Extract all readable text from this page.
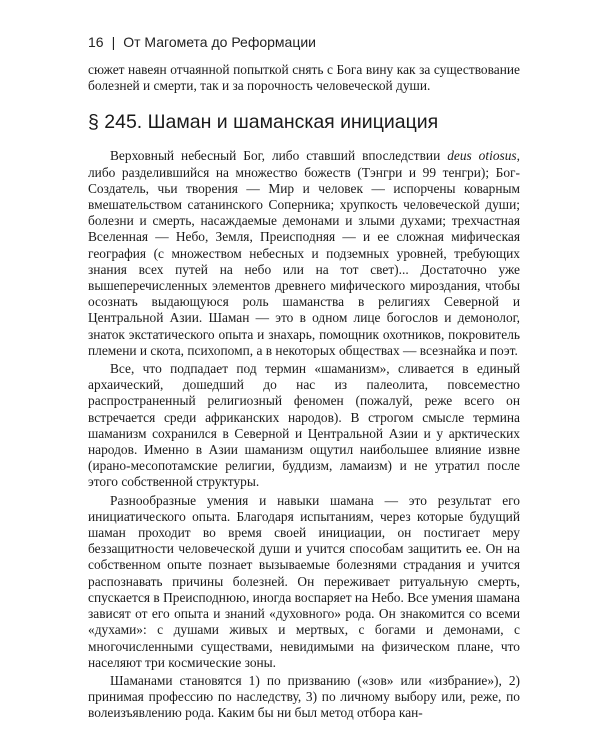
16 | От Магомета до Реформации

сюжет навеян отчаянной попыткой снять с Бога вину как за существование болезней и смерти, так и за порочность человеческой души.

§ 245. Шаман и шаманская инициация

Верховный небесный Бог, либо ставший впоследствии deus otiosus, либо разделившийся на множество божеств (Тэнгри и 99 тенгри); Бог-Создатель, чьи творения — Мир и человек — испорчены коварным вмешательством сатанинского Соперника; хрупкость человеческой души; болезни и смерть, насаждаемые демонами и злыми духами; трехчастная Вселенная — Небо, Земля, Преисподняя — и ее сложная мифическая география (с множеством небесных и подземных уровней, требующих знания всех путей на небо или на тот свет)... Достаточно уже вышеперечисленных элементов древнего мифического мироздания, чтобы осознать выдающуюся роль шаманства в религиях Северной и Центральной Азии. Шаман — это в одном лице богослов и демонолог, знаток экстатического опыта и знахарь, помощник охотников, покровитель племени и скота, психопомп, а в некоторых обществах — всезнайка и поэт.

Все, что подпадает под термин «шаманизм», сливается в единый архаический, дошедший до нас из палеолита, повсеместно распространенный религиозный феномен (пожалуй, реже всего он встречается среди африканских народов). В строгом смысле термина шаманизм сохранился в Северной и Центральной Азии и у арктических народов. Именно в Азии шаманизм ощутил наибольшее влияние извне (ирано-месопотамские религии, буддизм, ламаизм) и не утратил после этого собственной структуры.

Разнообразные умения и навыки шамана — это результат его инициатического опыта. Благодаря испытаниям, через которые будущий шаман проходит во время своей инициации, он постигает меру беззащитности человеческой души и учится способам защитить ее. Он на собственном опыте познает вызываемые болезнями страдания и учится распознавать причины болезней. Он переживает ритуальную смерть, спускается в Преисподнюю, иногда воспаряет на Небо. Все умения шамана зависят от его опыта и знаний «духовного» рода. Он знакомится со всеми «духами»: с душами живых и мертвых, с богами и демонами, с многочисленными существами, невидимыми на физическом плане, что населяют три космические зоны.

Шаманами становятся 1) по призванию («зов» или «избрание»), 2) принимая профессию по наследству, 3) по личному выбору или, реже, по волеизъявлению рода. Каким бы ни был метод отбора кан-
